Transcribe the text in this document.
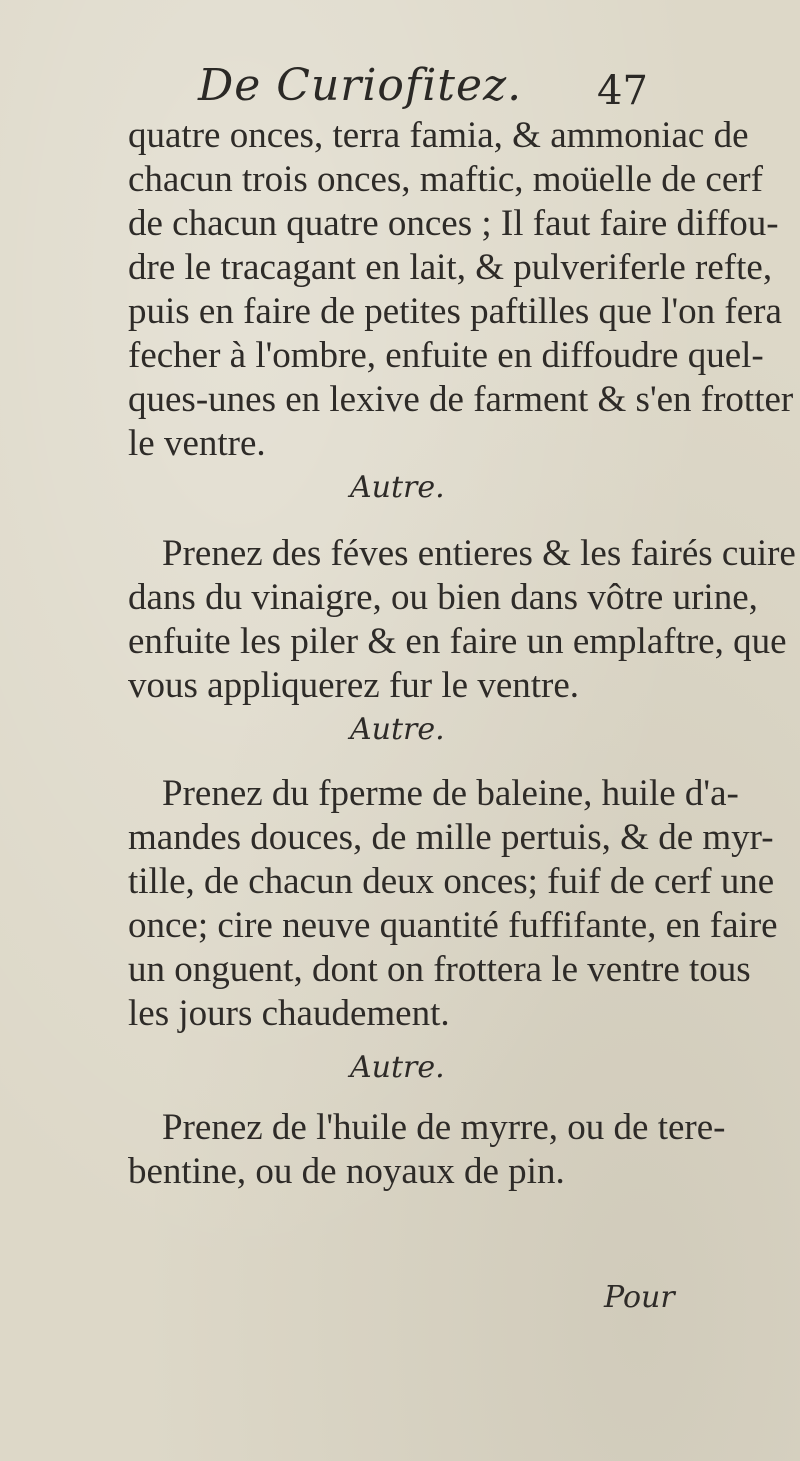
De Curiofitez. 47
quatre onces, terra famia, & ammoniac de
chacun trois onces, maftic, moüelle de cerf
de chacun quatre onces ; Il faut faire diffou-
dre le tracagant en lait, & pulveriferle refte,
puis en faire de petites paftilles que l'on fera
fecher à l'ombre, enfuite en diffoudre quel-
ques-unes en lexive de farment & s'en frotter
le ventre.
Autre.
Prenez des féves entieres & les fairés cuire
dans du vinaigre, ou bien dans vôtre urine,
enfuite les piler & en faire un emplaftre, que
vous appliquerez fur le ventre.
Autre.
Prenez du fperme de baleine, huile d'a-
mandes douces, de mille pertuis, & de myr-
tille, de chacun deux onces; fuif de cerf une
once; cire neuve quantité fuffifante, en faire
un onguent, dont on frottera le ventre tous
les jours chaudement.
Autre.
Prenez de l'huile de myrre, ou de tere-
bentine, ou de noyaux de pin.
Pour
